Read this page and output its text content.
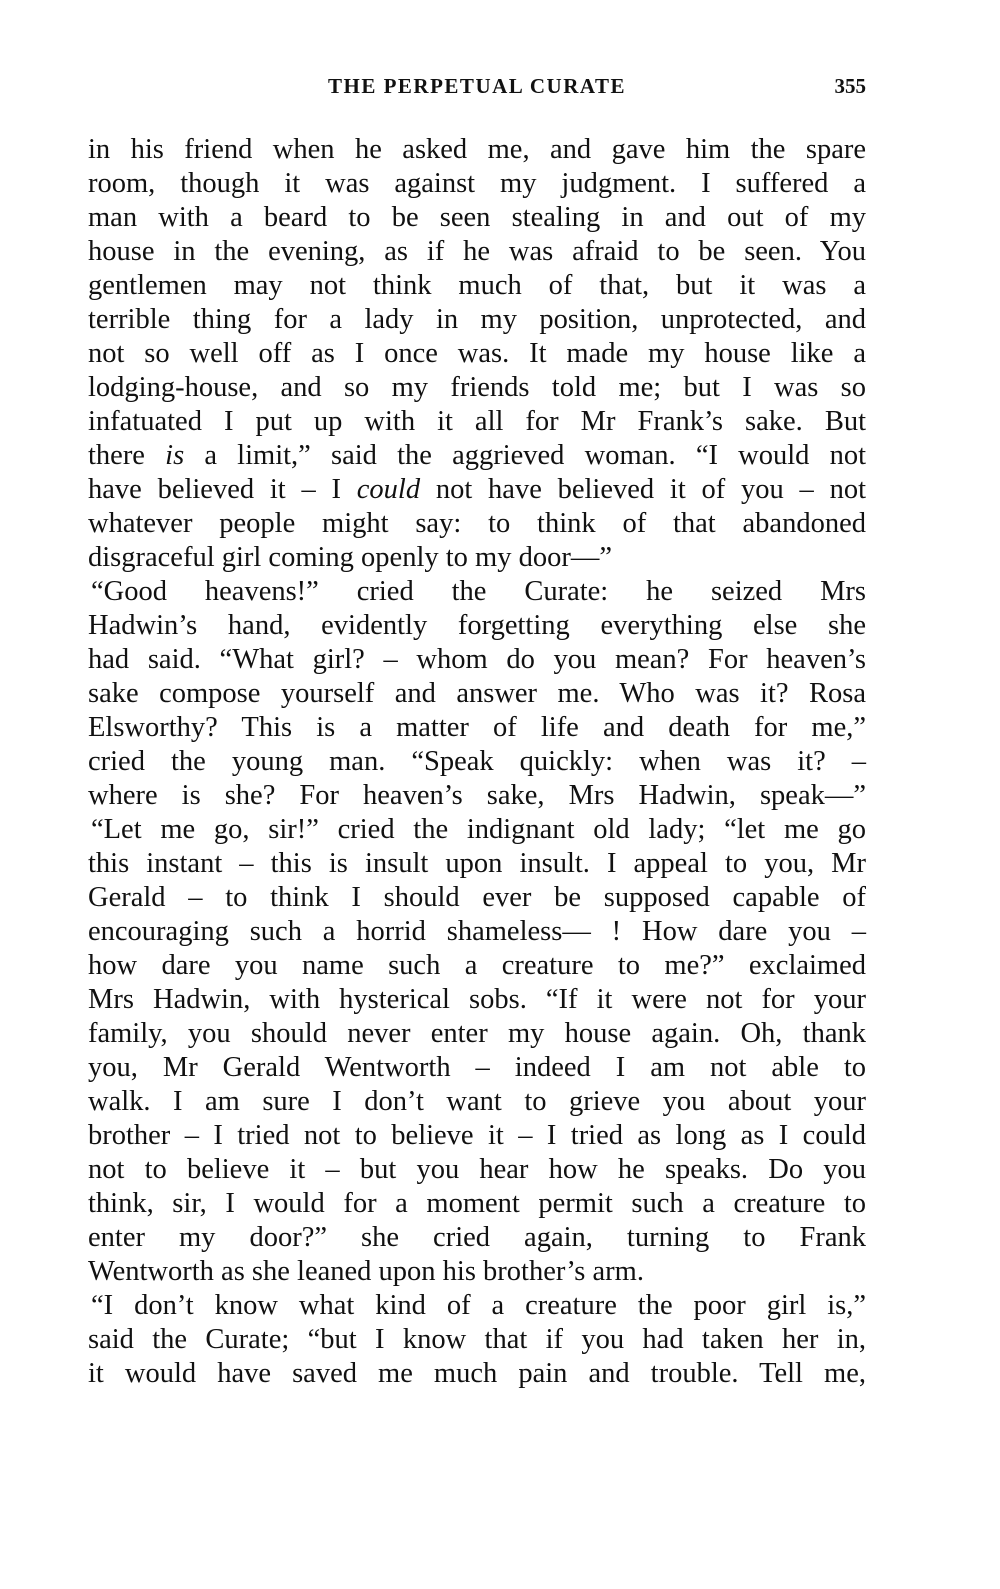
THE PERPETUAL CURATE	355
in his friend when he asked me, and gave him the spare
room, though it was against my judgment. I suffered a
man with a beard to be seen stealing in and out of my
house in the evening, as if he was afraid to be seen. You
gentlemen may not think much of that, but it was a
terrible thing for a lady in my position, unprotected, and
not so well off as I once was. It made my house like a
lodging-house, and so my friends told me; but I was so
infatuated I put up with it all for Mr Frank’s sake. But
there is a limit,” said the aggrieved woman. “I would not
have believed it – I could not have believed it of you – not
whatever people might say: to think of that abandoned
disgraceful girl coming openly to my door—”
“Good heavens!” cried the Curate: he seized Mrs
Hadwin’s hand, evidently forgetting everything else she
had said. “What girl? – whom do you mean? For heaven’s
sake compose yourself and answer me. Who was it? Rosa
Elsworthy? This is a matter of life and death for me,”
cried the young man. “Speak quickly: when was it? –
where is she? For heaven’s sake, Mrs Hadwin, speak—”
“Let me go, sir!” cried the indignant old lady; “let me go
this instant – this is insult upon insult. I appeal to you, Mr
Gerald – to think I should ever be supposed capable of
encouraging such a horrid shameless— ! How dare you –
how dare you name such a creature to me?” exclaimed
Mrs Hadwin, with hysterical sobs. “If it were not for your
family, you should never enter my house again. Oh, thank
you, Mr Gerald Wentworth – indeed I am not able to
walk. I am sure I don’t want to grieve you about your
brother – I tried not to believe it – I tried as long as I could
not to believe it – but you hear how he speaks. Do you
think, sir, I would for a moment permit such a creature to
enter my door?” she cried again, turning to Frank
Wentworth as she leaned upon his brother’s arm.
“I don’t know what kind of a creature the poor girl is,”
said the Curate; “but I know that if you had taken her in,
it would have saved me much pain and trouble. Tell me,
